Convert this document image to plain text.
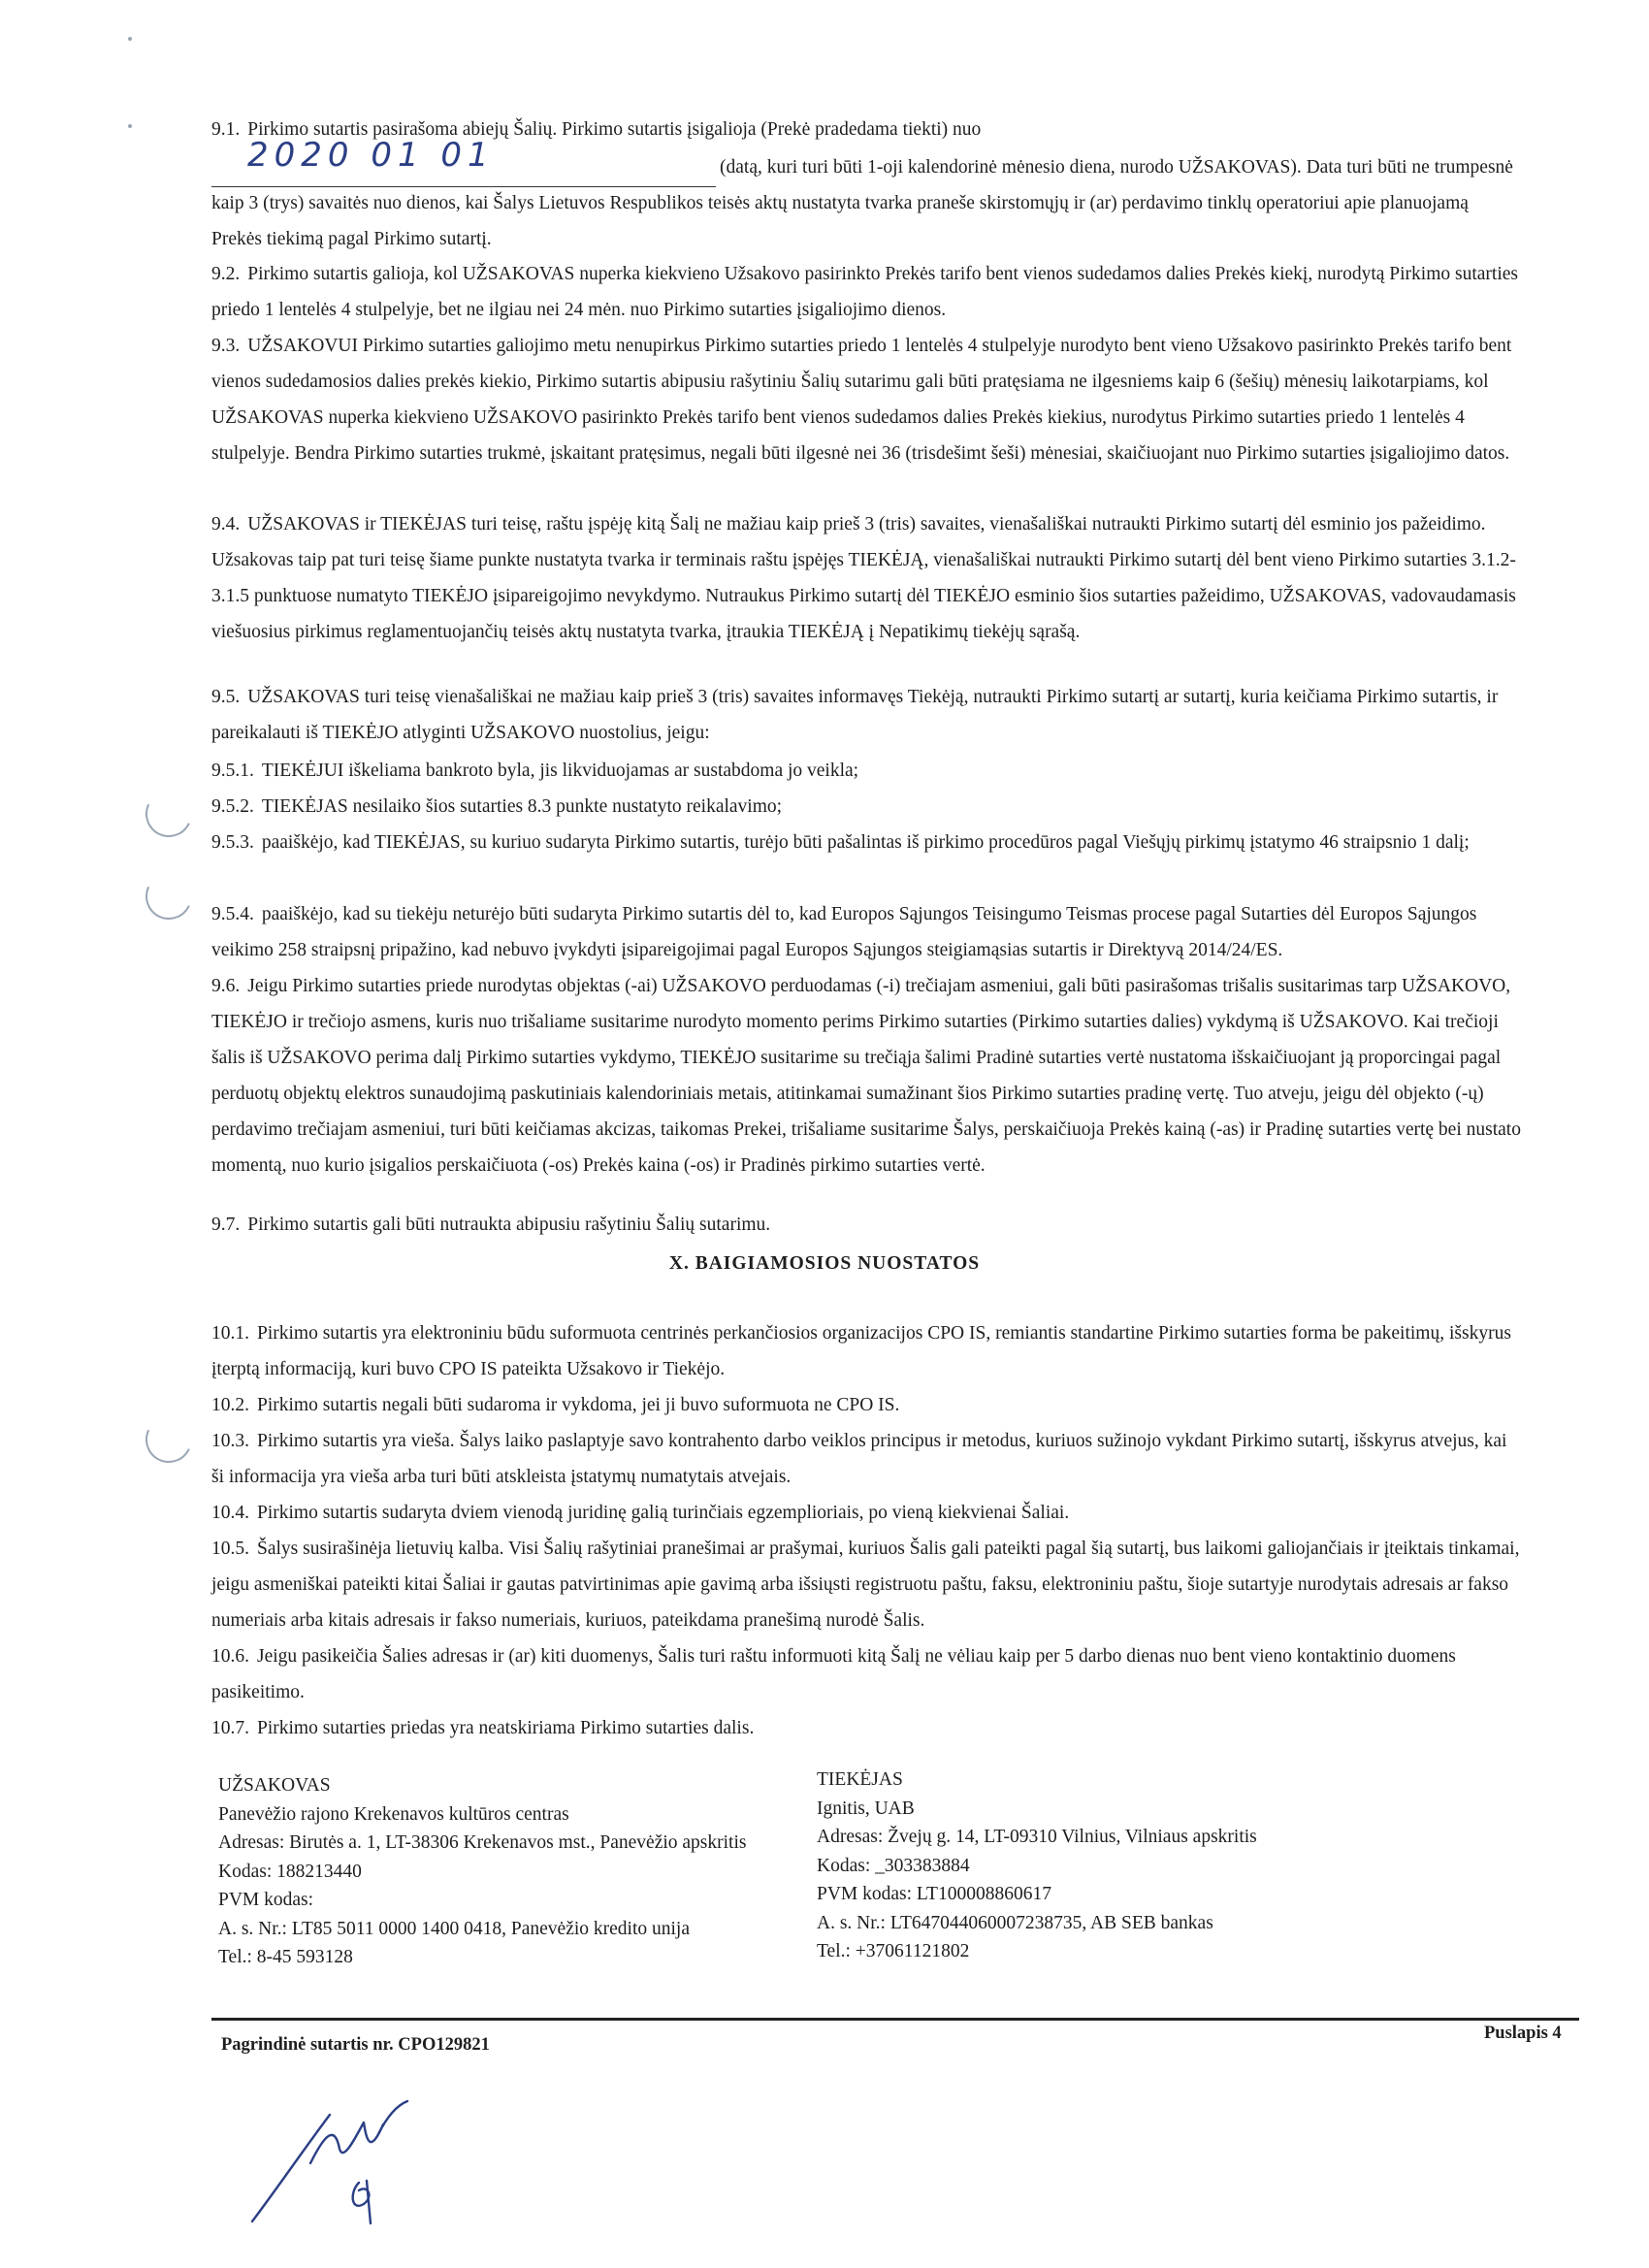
9.1. Pirkimo sutartis pasirašoma abiejų Šalių. Pirkimo sutartis įsigalioja (Prekė pradedama tiekti) nuo

2020 01 01	(datą, kuri turi būti 1-oji kalendorinė mėnesio diena, nurodo UŽSAKOVAS). Data turi būti ne trumpesnė kaip 3 (trys) savaitės nuo dienos, kai Šalys Lietuvos Respublikos teisės aktų nustatyta tvarka praneše skirstomųjų ir (ar) perdavimo tinklų operatoriui apie planuojamą Prekės tiekimą pagal Pirkimo sutartį.

9.2. Pirkimo sutartis galioja, kol UŽSAKOVAS nuperka kiekvieno Užsakovo pasirinkto Prekės tarifo bent vienos sudedamos dalies Prekės kiekį, nurodytą Pirkimo sutarties priedo 1 lentelės 4 stulpelyje, bet ne ilgiau nei 24 mėn. nuo Pirkimo sutarties įsigaliojimo dienos.

9.3. UŽSAKOVUI Pirkimo sutarties galiojimo metu nenupirkus Pirkimo sutarties priedo 1 lentelės 4 stulpelyje nurodyto bent vieno Užsakovo pasirinkto Prekės tarifo bent vienos sudedamosios dalies prekės kiekio, Pirkimo sutartis abipusiu rašytiniu Šalių sutarimu gali būti pratęsiama ne ilgesniems kaip 6 (šešių) mėnesių laikotarpiams, kol UŽSAKOVAS nuperka kiekvieno UŽSAKOVO pasirinkto Prekės tarifo bent vienos sudedamos dalies Prekės kiekius, nurodytus Pirkimo sutarties priedo 1 lentelės 4 stulpelyje. Bendra Pirkimo sutarties trukmė, įskaitant pratęsimus, negali būti ilgesnė nei 36 (trisdešimt šeši) mėnesiai, skaičiuojant nuo Pirkimo sutarties įsigaliojimo datos.

9.4. UŽSAKOVAS ir TIEKĖJAS turi teisę, raštu įspėję kitą Šalį ne mažiau kaip prieš 3 (tris) savaites, vienašališkai nutraukti Pirkimo sutartį dėl esminio jos pažeidimo. Užsakovas taip pat turi teisę šiame punkte nustatyta tvarka ir terminais raštu įspėjęs TIEKĖJĄ, vienašališkai nutraukti Pirkimo sutartį dėl bent vieno Pirkimo sutarties 3.1.2-3.1.5 punktuose numatyto TIEKĖJO įsipareigojimo nevykdymo. Nutraukus Pirkimo sutartį dėl TIEKĖJO esminio šios sutarties pažeidimo, UŽSAKOVAS, vadovaudamasis viešuosius pirkimus reglamentuojančių teisės aktų nustatyta tvarka, įtraukia TIEKĖJĄ į Nepatikimų tiekėjų sąrašą.

9.5. UŽSAKOVAS turi teisę vienašališkai ne mažiau kaip prieš 3 (tris) savaites informavęs Tiekėją, nutraukti Pirkimo sutartį ar sutartį, kuria keičiama Pirkimo sutartis, ir pareikalauti iš TIEKĖJO atlyginti UŽSAKOVO nuostolius, jeigu:

9.5.1. TIEKĖJUI iškeliama bankroto byla, jis likviduojamas ar sustabdoma jo veikla;

9.5.2. TIEKĖJAS nesilaiko šios sutarties 8.3 punkte nustatyto reikalavimo;

9.5.3. paaiškėjo, kad TIEKĖJAS, su kuriuo sudaryta Pirkimo sutartis, turėjo būti pašalintas iš pirkimo procedūros pagal Viešųjų pirkimų įstatymo 46 straipsnio 1 dalį;

9.5.4. paaiškėjo, kad su tiekėju neturėjo būti sudaryta Pirkimo sutartis dėl to, kad Europos Sąjungos Teisingumo Teismas procese pagal Sutarties dėl Europos Sąjungos veikimo 258 straipsnį pripažino, kad nebuvo įvykdyti įsipareigojimai pagal Europos Sąjungos steigiamąsias sutartis ir Direktyvą 2014/24/ES.

9.6. Jeigu Pirkimo sutarties priede nurodytas objektas (-ai) UŽSAKOVO perduodamas (-i) trečiajam asmeniui, gali būti pasirašomas trišalis susitarimas tarp UŽSAKOVO, TIEKĖJO ir trečiojo asmens, kuris nuo trišaliame susitarime nurodyto momento perims Pirkimo sutarties (Pirkimo sutarties dalies) vykdymą iš UŽSAKOVO. Kai trečioji šalis iš UŽSAKOVO perima dalį Pirkimo sutarties vykdymo, TIEKĖJO susitarime su trečiąja šalimi Pradinė sutarties vertė nustatoma išskaičiuojant ją proporcingai pagal perduotų objektų elektros sunaudojimą paskutiniais kalendoriniais metais, atitinkamai sumažinant šios Pirkimo sutarties pradinę vertę. Tuo atveju, jeigu dėl objekto (-ų) perdavimo trečiajam asmeniui, turi būti keičiamas akcizas, taikomas Prekei, trišaliame susitarime Šalys, perskaičiuoja Prekės kainą (-as) ir Pradinę sutarties vertę bei nustato momentą, nuo kurio įsigalios perskaičiuota (-os) Prekės kaina (-os) ir Pradinės pirkimo sutarties vertė.

9.7. Pirkimo sutartis gali būti nutraukta abipusiu rašytiniu Šalių sutarimu.

X. BAIGIAMOSIOS NUOSTATOS

10.1. Pirkimo sutartis yra elektroniniu būdu suformuota centrinės perkančiosios organizacijos CPO IS, remiantis standartine Pirkimo sutarties forma be pakeitimų, išskyrus įterptą informaciją, kuri buvo CPO IS pateikta Užsakovo ir Tiekėjo.

10.2. Pirkimo sutartis negali būti sudaroma ir vykdoma, jei ji buvo suformuota ne CPO IS.

10.3. Pirkimo sutartis yra vieša. Šalys laiko paslaptyje savo kontrahento darbo veiklos principus ir metodus, kuriuos sužinojo vykdant Pirkimo sutartį, išskyrus atvejus, kai ši informacija yra vieša arba turi būti atskleista įstatymų numatytais atvejais.

10.4. Pirkimo sutartis sudaryta dviem vienodą juridinę galią turinčiais egzemplioriais, po vieną kiekvienai Šaliai.

10.5. Šalys susirašinėja lietuvių kalba. Visi Šalių rašytiniai pranešimai ar prašymai, kuriuos Šalis gali pateikti pagal šią sutartį, bus laikomi galiojančiais ir įteiktais tinkamai, jeigu asmeniškai pateikti kitai Šaliai ir gautas patvirtinimas apie gavimą arba išsiųsti registruotu paštu, faksu, elektroniniu paštu, šioje sutartyje nurodytais adresais ar fakso numeriais arba kitais adresais ir fakso numeriais, kuriuos, pateikdama pranešimą nurodė Šalis.

10.6. Jeigu pasikeičia Šalies adresas ir (ar) kiti duomenys, Šalis turi raštu informuoti kitą Šalį ne vėliau kaip per 5 darbo dienas nuo bent vieno kontaktinio duomens pasikeitimo.

10.7. Pirkimo sutarties priedas yra neatskiriama Pirkimo sutarties dalis.

UŽSAKOVAS
Panevėžio rajono Krekenavos kultūros centras
Adresas: Birutės a. 1, LT-38306 Krekenavos mst., Panevėžio apskritis
Kodas: 188213440
PVM kodas:
A. s. Nr.: LT85 5011 0000 1400 0418, Panevėžio kredito unija
Tel.: 8-45 593128
TIEKĖJAS
Ignitis, UAB
Adresas: Žvejų g. 14, LT-09310 Vilnius, Vilniaus apskritis
Kodas: _303383884
PVM kodas: LT100008860617
A. s. Nr.: LT647044060007238735, AB SEB bankas
Tel.: +37061121802
Pagrindinė sutartis nr. CPO129821
Puslapis 4
